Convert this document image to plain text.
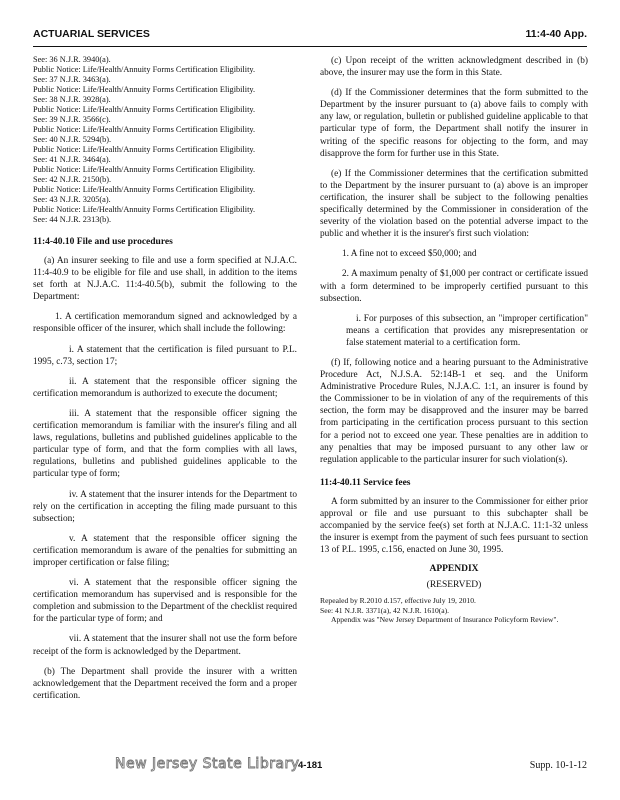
ACTUARIAL SERVICES	11:4-40 App.

See: 36 N.J.R. 3940(a).

Public Notice: Life/Health/Annuity Forms Certification Eligibility.

See: 37 N.J.R. 3463(a).

Public Notice: Life/Health/Annuity Forms Certification Eligibility.

See: 38 N.J.R. 3928(a).

Public Notice: Life/Health/Annuity Forms Certification Eligibility.

See: 39 N.J.R. 3566(c).

Public Notice: Life/Health/Annuity Forms Certification Eligibility.

See: 40 N.J.R. 5294(b).

Public Notice: Life/Health/Annuity Forms Certification Eligibility.

See: 41 N.J.R. 3464(a).

Public Notice: Life/Health/Annuity Forms Certification Eligibility.

See: 42 N.J.R. 2150(b).

Public Notice: Life/Health/Annuity Forms Certification Eligibility.

See: 43 N.J.R. 3205(a).

Public Notice: Life/Health/Annuity Forms Certification Eligibility.

See: 44 N.J.R. 2313(b).

11:4-40.10 File and use procedures

(a) An insurer seeking to file and use a form specified at N.J.A.C. 11:4-40.9 to be eligible for file and use shall, in addition to the items set forth at N.J.A.C. 11:4-40.5(b), submit the following to the Department:

1. A certification memorandum signed and acknowledged by a responsible officer of the insurer, which shall include the following:

i. A statement that the certification is filed pursuant to P.L. 1995, c.73, section 17;

ii. A statement that the responsible officer signing the certification memorandum is authorized to execute the document;

iii. A statement that the responsible officer signing the certification memorandum is familiar with the insurer's filing and all laws, regulations, bulletins and published guidelines applicable to the particular type of form, and that the form complies with all laws, regulations, bulletins and published guidelines applicable to the particular type of form;

iv. A statement that the insurer intends for the Department to rely on the certification in accepting the filing made pursuant to this subsection;

v. A statement that the responsible officer signing the certification memorandum is aware of the penalties for submitting an improper certification or false filing;

vi. A statement that the responsible officer signing the certification memorandum has supervised and is responsible for the completion and submission to the Department of the checklist required for the particular type of form; and

vii. A statement that the insurer shall not use the form before receipt of the form is acknowledged by the Department.

(b) The Department shall provide the insurer with a written acknowledgement that the Department received the form and a proper certification.

(c) Upon receipt of the written acknowledgment described in (b) above, the insurer may use the form in this State.

(d) If the Commissioner determines that the form submitted to the Department by the insurer pursuant to (a) above fails to comply with any law, or regulation, bulletin or published guideline applicable to that particular type of form, the Department shall notify the insurer in writing of the specific reasons for objecting to the form, and may disapprove the form for further use in this State.

(e) If the Commissioner determines that the certification submitted to the Department by the insurer pursuant to (a) above is an improper certification, the insurer shall be subject to the following penalties specifically determined by the Commissioner in consideration of the severity of the violation based on the potential adverse impact to the public and whether it is the insurer's first such violation:

1. A fine not to exceed $50,000; and

2. A maximum penalty of $1,000 per contract or certificate issued with a form determined to be improperly certified pursuant to this subsection.

i. For purposes of this subsection, an "improper certification" means a certification that provides any misrepresentation or false statement material to a certification form.

(f) If, following notice and a hearing pursuant to the Administrative Procedure Act, N.J.S.A. 52:14B-1 et seq. and the Uniform Administrative Procedure Rules, N.J.A.C. 1:1, an insurer is found by the Commissioner to be in violation of any of the requirements of this section, the form may be disapproved and the insurer may be barred from participating in the certification process pursuant to this section for a period not to exceed one year. These penalties are in addition to any penalties that may be imposed pursuant to any other law or regulation applicable to the particular insurer for such violation(s).

11:4-40.11 Service fees

A form submitted by an insurer to the Commissioner for either prior approval or file and use pursuant to this subchapter shall be accompanied by the service fee(s) set forth at N.J.A.C. 11:1-32 unless the insurer is exempt from the payment of such fees pursuant to section 13 of P.L. 1995, c.156, enacted on June 30, 1995.

APPENDIX
(RESERVED)

Repealed by R.2010 d.157, effective July 19, 2010.

See: 41 N.J.R. 3371(a), 42 N.J.R. 1610(a).

Appendix was "New Jersey Department of Insurance Policyform Review".

New Jersey State Library
4-181	Supp. 10-1-12
